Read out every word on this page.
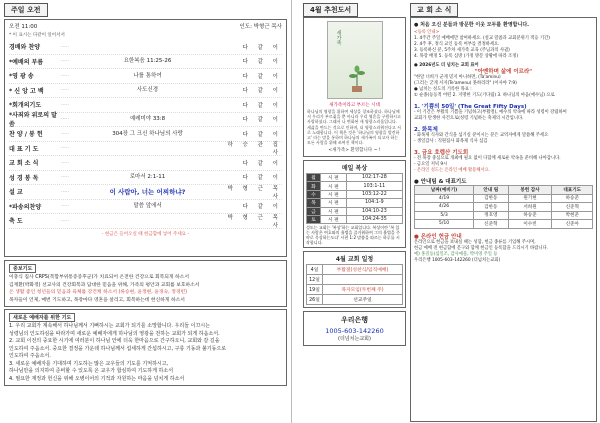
주일 오전
오전 11:00	인도: 박형근 목사
* 이 표시는 다같이 일어서서
경배와 찬양	·····	다 같 이
*예배의 부름	·····	요한복음 11:25-26	다 같 이
*영 광 송	·····	나를 통하여	다 같 이
* 신 앙 고 백	·····	사도신경	다 같 이
*회개의기도	·····	다 같 이
*사죄와 위로의 말씀
·····	예레미야 33:8	다 같 이
찬 양 / 봉 헌	·····	304장 그 크신 하나님의 사랑	다 같 이
대 표 기 도	·····	하 승 관 집 사
교 회 소 식	·····	다 같 이
성 경 봉 독	·····	로마서 2:1-11	다 같 이
설 교	·····	이 사람아, 너는 어찌하냐?	박 형 근 목 사
*파송의찬양	·····	말씀 앞에서	다 같 이
축 도	·····	박 형 근 목 사
- 헌금은 들어오실 때 헌금함에 넣어 주세요 -
중보기도
이충식 집사 CRPS(복합부위통증증후군)가 치료되어 온전한 건강으로 회복되게 하소서
김재환(박화정) 선교사의 건강회복과 담대한 믿음을 위해, 가족의 평안과 교회를 보호하소서
온 생활 좋인 청년들의 믿음과 육체를 강건케 하소서 (류승현, 윤정현, 윤경숙, 정경빈)
목자들이 언제, 매번 기도하고, 목장마다 영혼을 살리고, 회복하는데 헌신하게 하소서
새로운 예배자를 위한 기도
1. 우리 교회가 계속해서 하나님께서 기뻐하시는 교회가 되기를 소망합니다. 우리들 이끄시는
성령님의 인도하심을 따라가며 새로운 예배자에게 하나님의 영광을 전하는 교회가 되게 하옵소서.
2. 교회 이전의 중요한 시기에 여러분이 하나님 안에 더욱 한마음으로 간구하오니, 교회와 갈 길을
인도하여 주옵소서. 중요한 결정을 가운데 하나님께서 섭세하게 간섭하시고, 구릉 기동과 불기동으로
인도하여 주옵소서.
3. 새로운 예배자를 기대하며 기도하는 많은 교우들의 기도를 기억하시고,
하나님만을 의지하여 준비할 수 있도록 온 교우가 합심하여 기도하게 하소서
4. 필요한 재정과 헌신을 위해 오병이어의 기적과 자원하는 마음을 넘치게 하소서
4월 추천도서
새가족
새가족이라고 부르는 시대
하나님의 영광을 위하여 세상을 창조하셨다. 하나님께서 우리가 부르짖을 뿐 아니라 우리 영혼을 구원하시고 사랑하셨다. 그래서 나 변화된 새 영광스러움입니다. 새삶을 변드는 것으로 인하며, 더 영광스러워진다고 서로 노래합니다. 이 책은 것은 '하나님의 영광을 발견하고' 라는 말을 통하며 하나님의 새가족이 되고자 하는 모든 사람을 위해 쓰여진 책이다.
<새가족> 환영합니다 ~ !
매일 복상
월	시 편	102:17-28
화	시 편	103:1-11
수	시 편	103:12-22
목	시 편	104:1-9
금	시 편	104:10-23
토	시 편	104:24-35
성도는 교회는 '복상'하는 교회입니다. 복상이란 '복 있는 사람은 여호와의 율법을 즐거워하여 그의 율법을 주야로 묵상하는도다' 시편 1:2 말씀을 따르는 하루를 시작합니다.
4월 교회 일정
4일	부활절(성찬식/임직예배)
12일	
19일	목자모임(두번째 주)
26일	선교주일
우리은행
1005-603-142260
(더넘치는교회)
교 회 소 식
● 처음 오신 분들과 방문한 이웃 모두를 환영합니다.
<등록 안내>
1. 4주간 주일 예배에만 참여하세요. (설교 말씀과 교회분위기 적응 기간)
2. 4주 후, 정식 교인 등록 여부를 결정하세요.
3. 등록하신 분, 5주차 새가족 교육 (주님과의 사귐)
4. 목장 배정 5. 등록 심방 (가정 방문 상황에 따라 조정)
● 2026년도 더 넘치는 교회 표어
"아멘하며 삶에 이르라"
"한달 너희가 군게 믿지 아니하면, (Ta'aminu)
(그러는 굳게 서지(Te'amenu) 못하리라" (이사야 7:9)
● 넘치는 성도의 거룩한 목표 :
① 순종(등동적 어떤 2. 지명한 기도(기다림) 3. 하나님의 마음(예수님) 으로
1. '기쁨의 50일' (The Great Fifty Days)
- 이 기간은 부활의 기쁨을 기념하고(부활절), 예수의 약속에 따라 성령이 강림하여
교회가 탄생한 사건으로(성령 기념하는 축제의 시간입니다.
2. 화목제
- 화목제 식사와 간식을 섬기실 분이시는 분은 교역자에게 말씀해 주세요
- 생일감사 : 직원집사 화목제 식사 섬김
3. 금요 호렙산 기도회
- 전 목장 중심으로 개최에 필요 없이 다함께 새로운 약속을 준비해 나아갑니다.
- 금요일 저녁 9시
- 온라인 성도는 온라인 예배 활용해서요.
● 안내팀 & 대표기도
날짜(예비기)	안내 팀	봉헌 감사	대표기도
4/19	김한동	원기현	하승준
4/26	김한동	서희원	신준혁
5/3	정호영	하승준	박현준
5/10	신준혁	이수빈	신준아
● 온라인 헌금 안내
온라인으로 헌금을 보내실 때는 성함, 헌금 종류를 기입해 주시며,
헌금 예배 전 현금함에 문구와 함께 헌금인 등록함을 드리시기 바랍니다.
예) 홍길동(십일조, 감사예물, 박미영 주일 등
우리은행 1005-603-142260 (더넘치는교회)
